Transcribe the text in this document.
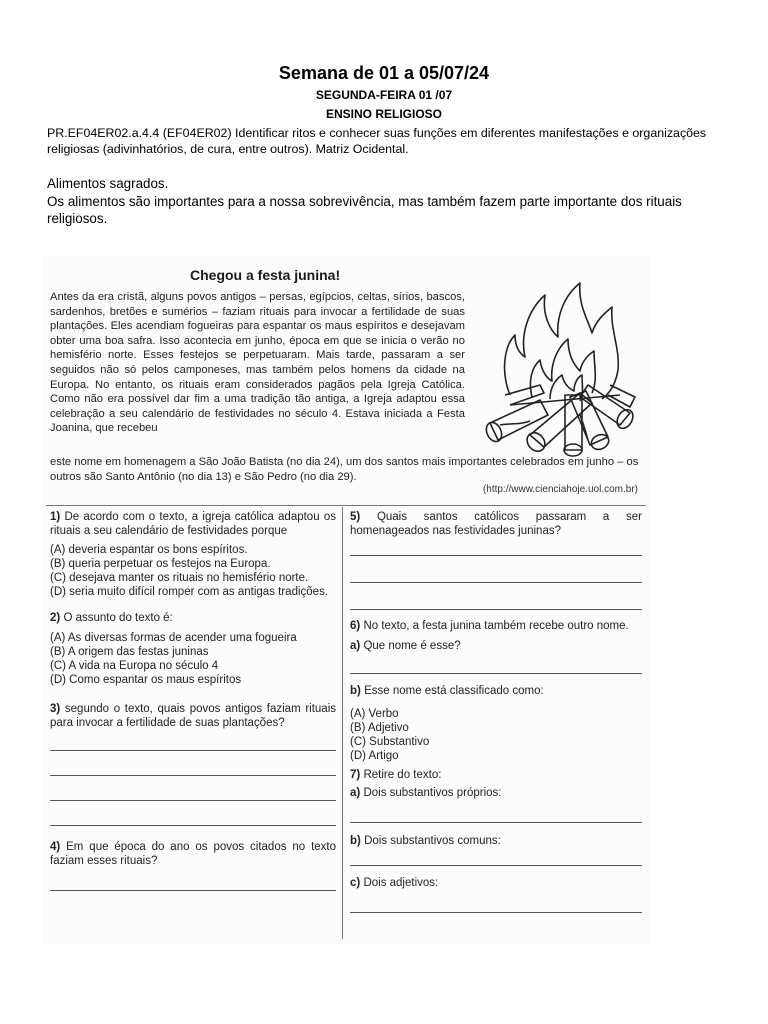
Semana de 01 a 05/07/24
SEGUNDA-FEIRA 01 /07
ENSINO RELIGIOSO
PR.EF04ER02.a.4.4 (EF04ER02) Identificar ritos e conhecer suas funções em diferentes manifestações e organizações religiosas (adivinhatórios, de cura, entre outros). Matriz Ocidental.
Alimentos sagrados.
Os alimentos são importantes para a nossa sobrevivência, mas também fazem parte importante dos rituais religiosos.
Chegou a festa junina!
Antes da era cristã, alguns povos antigos – persas, egípcios, celtas, sírios, bascos, sardenhos, bretões e sumérios – faziam rituais para invocar a fertilidade de suas plantações. Eles acendiam fogueiras para espantar os maus espíritos e desejavam obter uma boa safra. Isso acontecia em junho, época em que se inicia o verão no hemisfério norte. Esses festejos se perpetuaram. Mais tarde, passaram a ser seguidos não só pelos camponeses, mas também pelos homens da cidade na Europa. No entanto, os rituais eram considerados pagãos pela Igreja Católica. Como não era possível dar fim a uma tradição tão antiga, a Igreja adaptou essa celebração a seu calendário de festividades no século 4. Estava iniciada a Festa Joanina, que recebeu
este nome em homenagem a São João Batista (no dia 24), um dos santos mais importantes celebrados em junho – os outros são Santo Antônio (no dia 13) e São Pedro (no dia 29).
(http://www.cienciahoje.uol.com.br)

1) De acordo com o texto, a igreja católica adaptou os rituais a seu calendário de festividades porque

(A) deveria espantar os bons espíritos.

(B) queria perpetuar os festejos na Europa.

(C) desejava manter os rituais no hemisfério norte.

(D) seria muito difícil romper com as antigas tradições.

2) O assunto do texto é:

(A) As diversas formas de acender uma fogueira

(B) A origem das festas juninas

(C) A vida na Europa no século 4

(D) Como espantar os maus espíritos

3) segundo o texto, quais povos antigos faziam rituais para invocar a fertilidade de suas plantações?

4) Em que época do ano os povos citados no texto faziam esses rituais?

5) Quais santos católicos passaram a ser homenageados nas festividades juninas?

6) No texto, a festa junina também recebe outro nome.

a) Que nome é esse?

b) Esse nome está classificado como:

(A) Verbo

(B) Adjetivo

(C) Substantivo

(D) Artigo

7) Retire do texto:

a) Dois substantivos próprios:

b) Dois substantivos comuns:

c) Dois adjetivos:
